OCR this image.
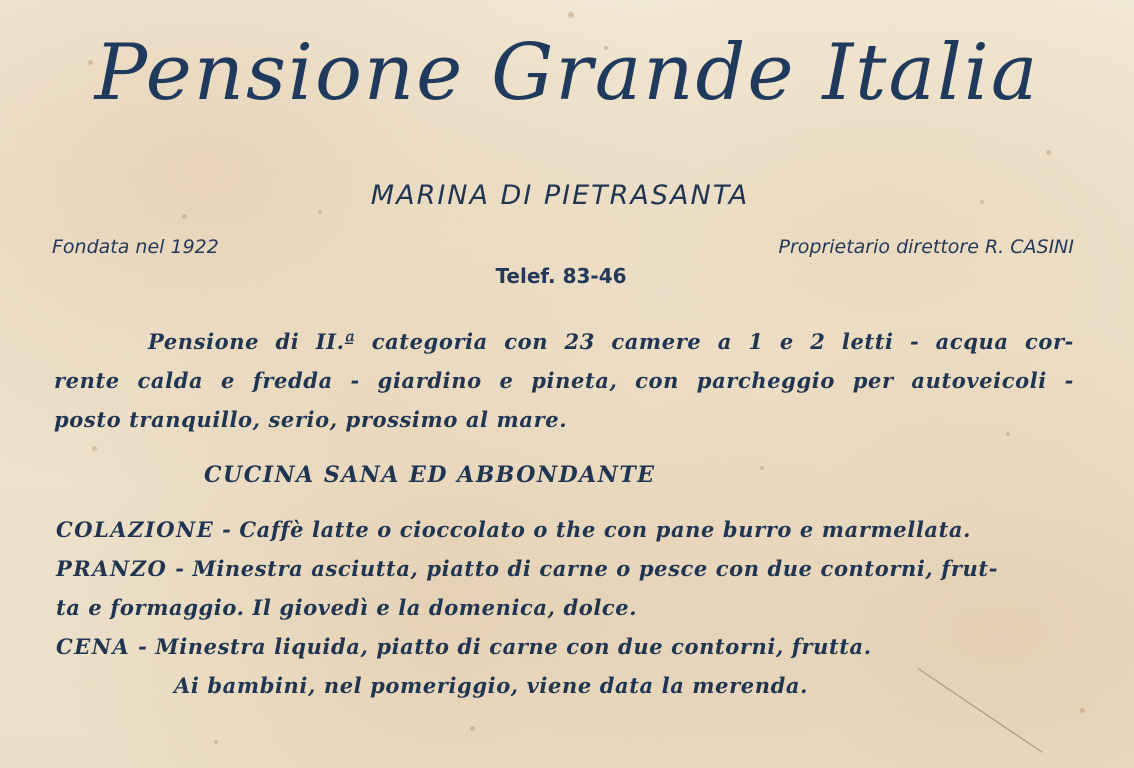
Pensione Grande Italia
MARINA DI PIETRASANTA
Fondata nel 1922	Proprietario direttore R. CASINI
Telef. 83-46
Pensione di II.ª categoria con 23 camere a 1 e 2 letti - acqua cor-
rente calda e fredda - giardino e pineta, con parcheggio per autoveicoli -
posto tranquillo, serio, prossimo al mare.
CUCINA SANA ED ABBONDANTE
COLAZIONE - Caffè latte o cioccolato o the con pane burro e marmellata.
PRANZO - Minestra asciutta, piatto di carne o pesce con due contorni, frut-
ta e formaggio. Il giovedì e la domenica, dolce.
CENA - Minestra liquida, piatto di carne con due contorni, frutta.
Ai bambini, nel pomeriggio, viene data la merenda.
